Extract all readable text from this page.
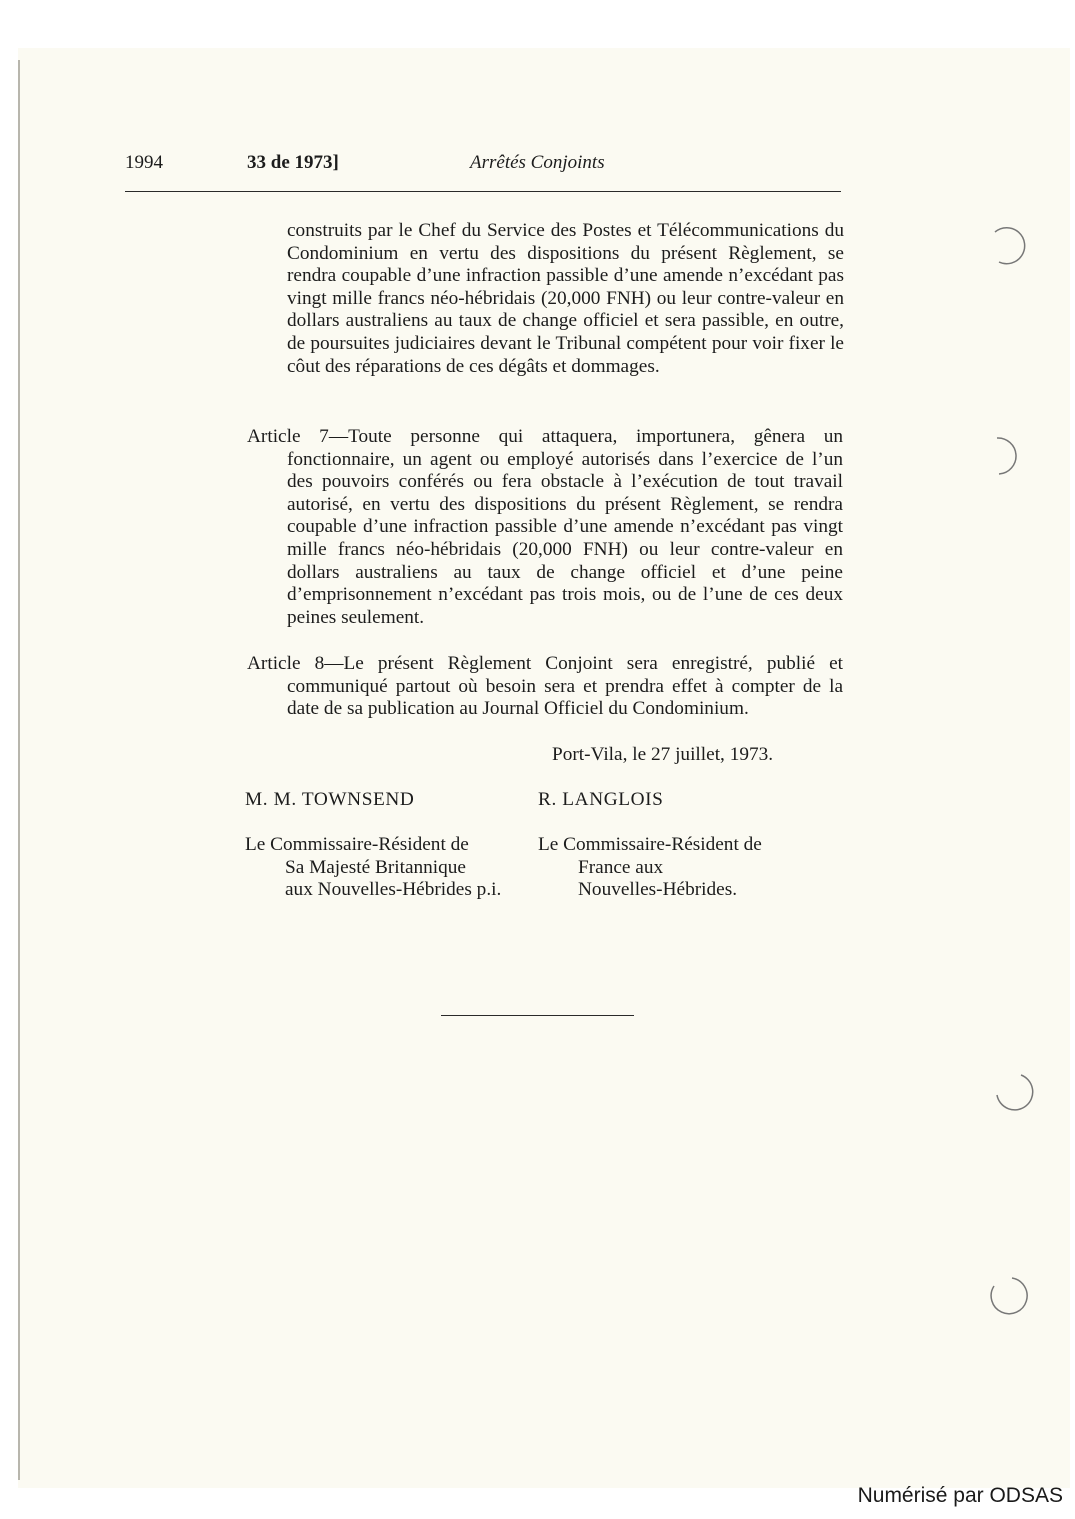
1994	33 de 1973]	Arrêtés Conjoints
construits par le Chef du Service des Postes et Télécommunications du Condominium en vertu des dispositions du présent Règlement, se rendra coupable d’une infraction passible d’une amende n’excédant pas vingt mille francs néo-hébridais (20,000 FNH) ou leur contre-valeur en dollars australiens au taux de change officiel et sera passible, en outre, de poursuites judiciaires devant le Tribunal compétent pour voir fixer le côut des réparations de ces dégâts et dommages.
Article 7—Toute personne qui attaquera, importunera, gênera un fonctionnaire, un agent ou employé autorisés dans l’exercice de l’un des pouvoirs conférés ou fera obstacle à l’exécution de tout travail autorisé, en vertu des dispositions du présent Règlement, se rendra coupable d’une infraction passible d’une amende n’excédant pas vingt mille francs néo-hébridais (20,000 FNH) ou leur contre-valeur en dollars australiens au taux de change officiel et d’une peine d’emprisonnement n’excédant pas trois mois, ou de l’une de ces deux peines seulement.
Article 8—Le présent Règlement Conjoint sera enregistré, publié et communiqué partout où besoin sera et prendra effet à compter de la date de sa publication au Journal Officiel du Condominium.
Port-Vila, le 27 juillet, 1973.
M. M. TOWNSEND	R. LANGLOIS
Le Commissaire-Résident de
Sa Majesté Britannique
aux Nouvelles-Hébrides p.i.
Le Commissaire-Résident de
France aux
Nouvelles-Hébrides.
Numérisé par ODSAS
